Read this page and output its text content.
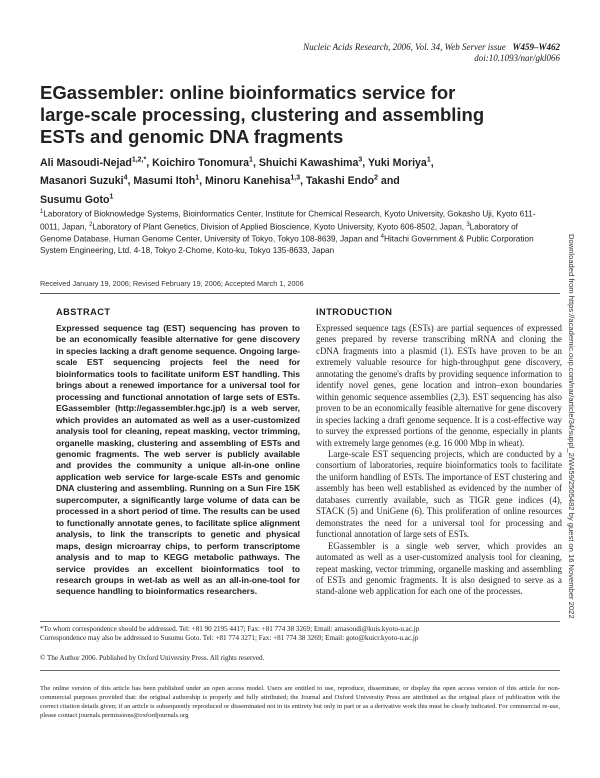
Nucleic Acids Research, 2006, Vol. 34, Web Server issue W459–W462
doi:10.1093/nar/gkl066
EGassembler: online bioinformatics service for large-scale processing, clustering and assembling ESTs and genomic DNA fragments
Ali Masoudi-Nejad$^{1,2,*}$, Koichiro Tonomura$^1$, Shuichi Kawashima$^3$, Yuki Moriya$^1$,
Masanori Suzuki$^4$, Masumi Itoh$^1$, Minoru Kanehisa$^{1,3}$, Takashi Endo$^2$ and
Susumu Goto$^1$
$^1$Laboratory of Bioknowledge Systems, Bioinformatics Center, Institute for Chemical Research, Kyoto University, Gokasho Uji, Kyoto 611-0011, Japan, $^2$Laboratory of Plant Genetics, Division of Applied Bioscience, Kyoto University, Kyoto 606-8502, Japan, $^3$Laboratory of Genome Database, Human Genome Center, University of Tokyo, Tokyo 108-8639, Japan and $^4$Hitachi Government & Public Corporation System Engineering, Ltd. 4-18, Tokyo 2-Chome, Koto-ku, Tokyo 135-8633, Japan
Received January 19, 2006; Revised February 19, 2006; Accepted March 1, 2006
ABSTRACT
Expressed sequence tag (EST) sequencing has proven to be an economically feasible alternative for gene discovery in species lacking a draft genome sequence. Ongoing large-scale EST sequencing projects feel the need for bioinformatics tools to facilitate uniform EST handling. This brings about a renewed importance for a universal tool for processing and functional annotation of large sets of ESTs. EGassembler (http://egassembler.hgc.jp/) is a web server, which provides an automated as well as a user-customized analysis tool for cleaning, repeat masking, vector trimming, organelle masking, clustering and assembling of ESTs and genomic fragments. The web server is publicly available and provides the community a unique all-in-one online application web service for large-scale ESTs and genomic DNA clustering and assembling. Running on a Sun Fire 15K supercomputer, a significantly large volume of data can be processed in a short period of time. The results can be used to functionally annotate genes, to facilitate splice alignment analysis, to link the transcripts to genetic and physical maps, design microarray chips, to perform transcriptome analysis and to map to KEGG metabolic pathways. The service provides an excellent bioinformatics tool to research groups in wet-lab as well as an all-in-one-tool for sequence handling to bioinformatics researchers.
INTRODUCTION

Expressed sequence tags (ESTs) are partial sequences of expressed genes prepared by reverse transcribing mRNA and cloning the cDNA fragments into a plasmid (1). ESTs have proven to be an extremely valuable resource for high-throughput gene discovery, annotating the genome's drafts by providing sequence information to identify novel genes, gene location and intron–exon boundaries within genomic sequence assemblies (2,3). EST sequencing has also proven to be an economically feasible alternative for gene discovery in species lacking a draft genome sequence. It is a cost-effective way to survey the expressed portions of the genome, especially in plants with extremely large genomes (e.g. 16 000 Mbp in wheat).

Large-scale EST sequencing projects, which are conducted by a consortium of laboratories, require bioinformatics tools to facilitate the uniform handling of ESTs. The importance of EST clustering and assembly has been well established as evidenced by the number of databases currently available, such as TIGR gene indices (4), STACK (5) and UniGene (6). This proliferation of online resources demonstrates the need for a universal tool for processing and functional annotation of large sets of ESTs.

EGassembler is a single web server, which provides an automated as well as a user-customized analysis tool for cleaning, repeat masking, vector trimming, organelle masking and assembling of ESTs and genomic fragments. It is also designed to serve as a stand-alone web application for each one of the processes.

*To whom correspondence should be addressed. Tel: +81 90 2195 4417; Fax: +81 774 38 3269; Email: amasoudi@kuis.kyoto-u.ac.jp
Correspondence may also be addressed to Susumu Goto. Tel: +81 774 3271; Fax: +81 774 38 3269; Email: goto@kuicr.kyoto-u.ac.jp
© The Author 2006. Published by Oxford University Press. All rights reserved.
The online version of this article has been published under an open access model. Users are entitled to use, reproduce, disseminate, or display the open access version of this article for non-commercial purposes provided that: the original authorship is properly and fully attributed; the Journal and Oxford University Press are attributed as the original place of publication with the correct citation details given; if an article is subsequently reproduced or disseminated not in its entirety but only in part or as a derivative work this must be clearly indicated. For commercial re-use, please contact journals.permissions@oxfordjournals.org
Downloaded from https://academic.oup.com/nar/article/34/suppl_2/W459/2505482 by guest on 16 November 2022
